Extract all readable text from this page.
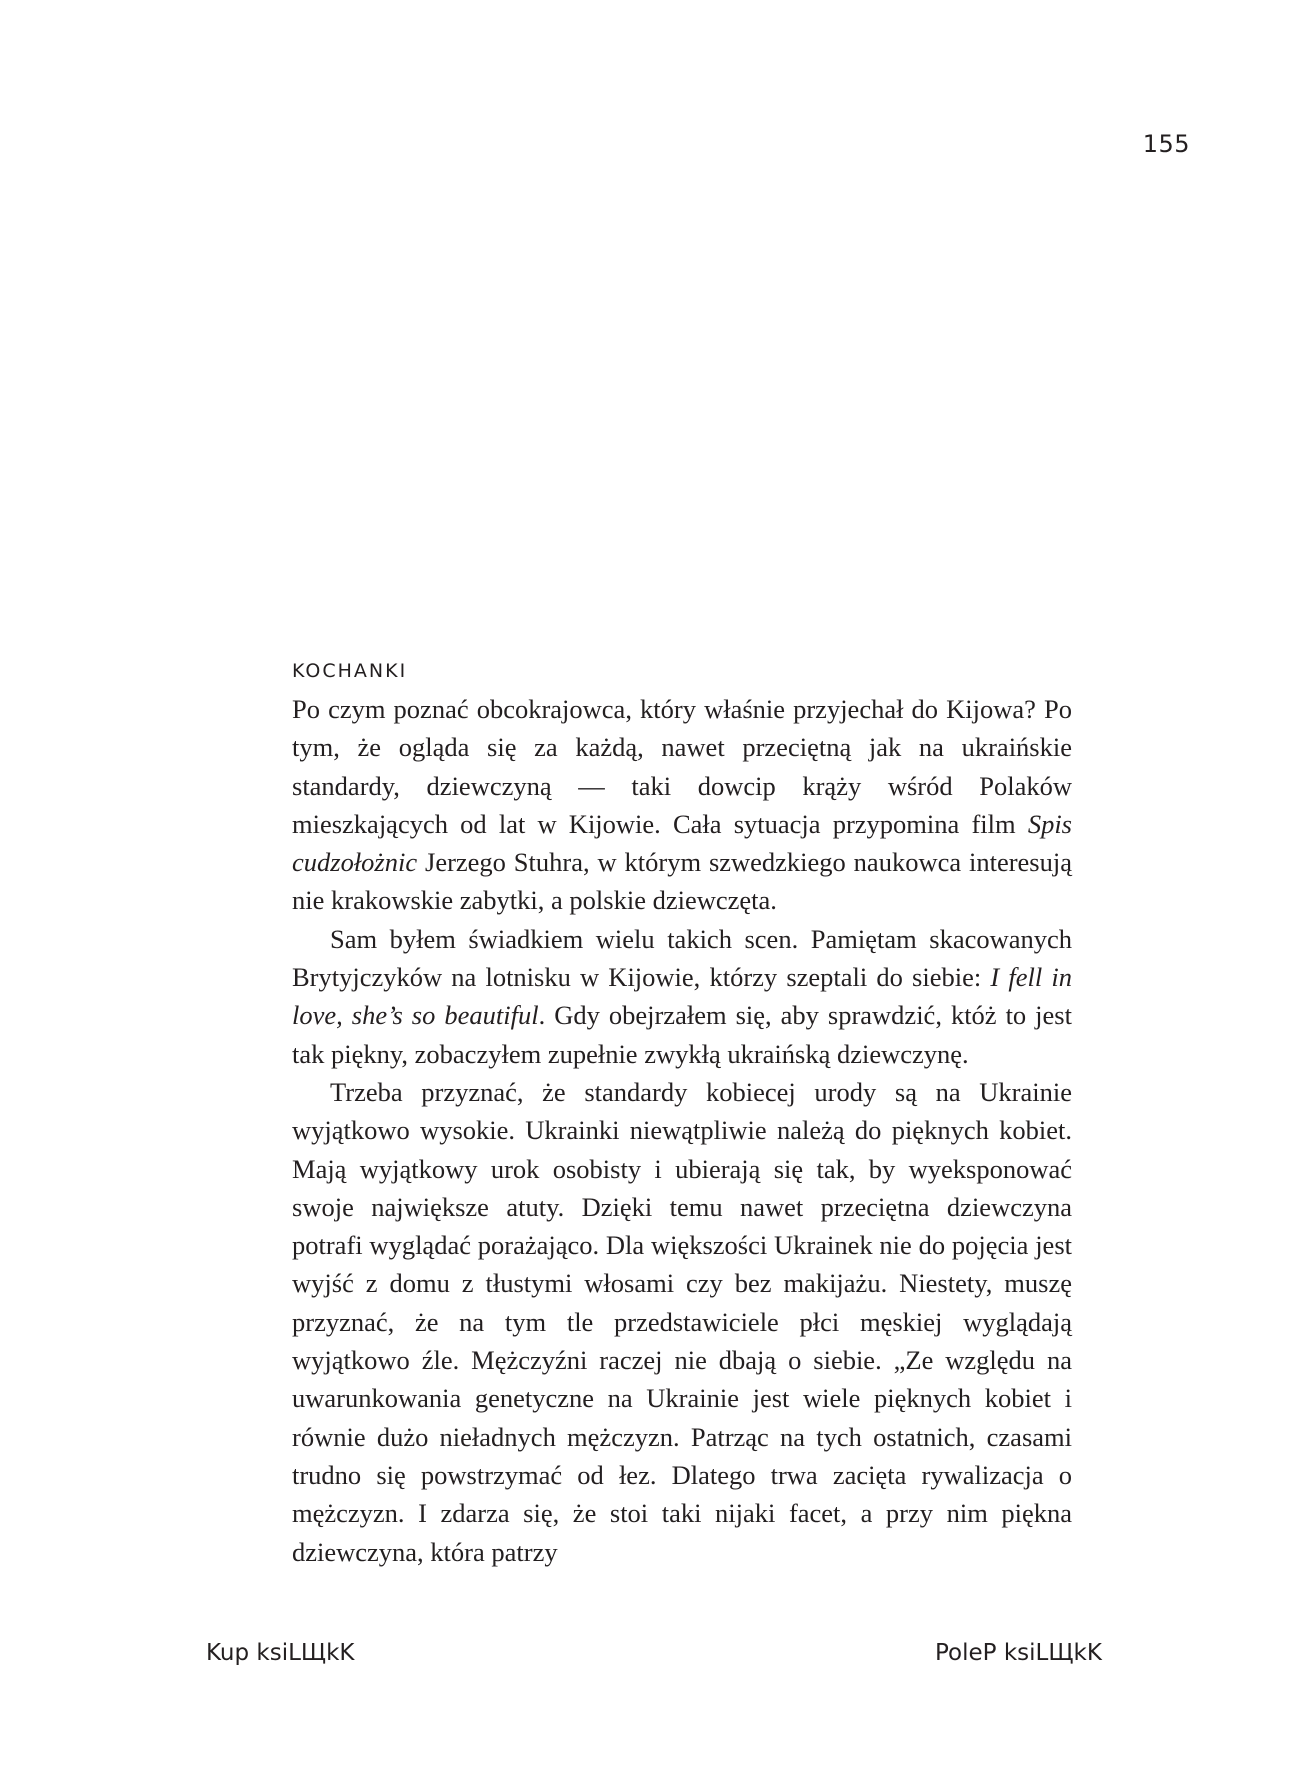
155
KOCHANKI

Po czym poznać obcokrajowca, który właśnie przyjechał do Kijowa? Po tym, że ogląda się za każdą, nawet przeciętną jak na ukraińskie standardy, dziewczyną — taki dowcip krąży wśród Polaków mieszkających od lat w Kijowie. Cała sytuacja przypomina film Spis cudzołożnic Jerzego Stuhra, w którym szwedzkiego naukowca interesują nie krakowskie zabytki, a polskie dziewczęta.

Sam byłem świadkiem wielu takich scen. Pamiętam skacowanych Brytyjczyków na lotnisku w Kijowie, którzy szeptali do siebie: I fell in love, she’s so beautiful. Gdy obejrzałem się, aby sprawdzić, któż to jest tak piękny, zobaczyłem zupełnie zwykłą ukraińską dziewczynę.

Trzeba przyznać, że standardy kobiecej urody są na Ukrainie wyjątkowo wysokie. Ukrainki niewątpliwie należą do pięknych kobiet. Mają wyjątkowy urok osobisty i ubierają się tak, by wyeksponować swoje największe atuty. Dzięki temu nawet przeciętna dziewczyna potrafi wyglądać porażająco. Dla większości Ukrainek nie do pojęcia jest wyjść z domu z tłustymi włosami czy bez makijażu. Niestety, muszę przyznać, że na tym tle przedstawiciele płci męskiej wyglądają wyjątkowo źle. Mężczyźni raczej nie dbają o siebie. „Ze względu na uwarunkowania genetyczne na Ukrainie jest wiele pięknych kobiet i równie dużo nieładnych mężczyzn. Patrząc na tych ostatnich, czasami trudno się powstrzymać od łez. Dlatego trwa zacięta rywalizacja o mężczyzn. I zdarza się, że stoi taki nijaki facet, a przy nim piękna dziewczyna, która patrzy

Kup ksiLЩkK	PoleP ksiLЩkK
